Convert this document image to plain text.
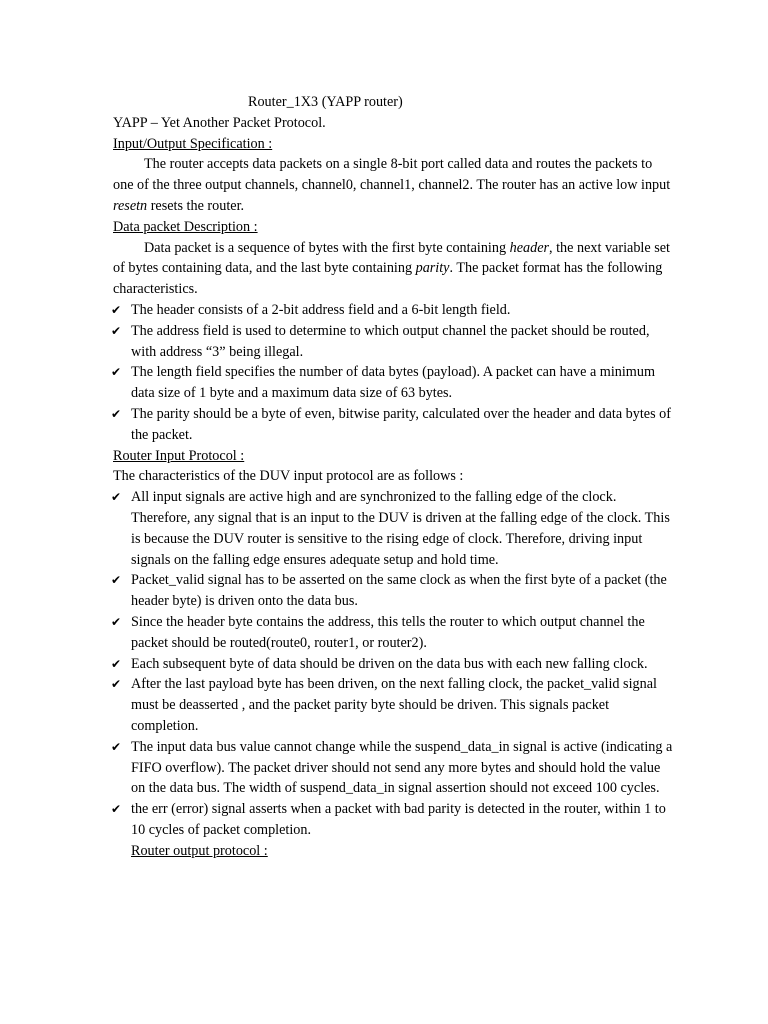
Router_1X3 (YAPP router)
YAPP – Yet Another Packet Protocol.
Input/Output Specification :

The router accepts data packets on a single 8-bit port called data and routes the packets to one of the three output channels, channel0, channel1, channel2. The router has an active low input resetn resets the router.

Data packet Description :

Data packet is a sequence of bytes with the first byte containing header, the next variable set of bytes containing data, and the last byte containing parity. The packet format has the following characteristics.

✔ The header consists of a 2-bit address field and a 6-bit length field.
✔ The address field is used to determine to which output channel the packet should be routed, with address “3” being illegal.
✔ The length field specifies the number of data bytes (payload). A packet can have a minimum data size of 1 byte and a maximum data size of 63 bytes.
✔ The parity should be a byte of even, bitwise parity, calculated over the header and data bytes of the packet.
Router Input Protocol :
The characteristics of the DUV input protocol are as follows :
✔ All input signals are active high and are synchronized to the falling edge of the clock. Therefore, any signal that is an input to the DUV is driven at the falling edge of the clock. This is because the DUV router is sensitive to the rising edge of clock. Therefore, driving input signals on the falling edge ensures adequate setup and hold time.
✔ Packet_valid signal has to be asserted on the same clock as when the first byte of a packet (the header byte) is driven onto the data bus.
✔ Since the header byte contains the address, this tells the router to which output channel the packet should be routed(route0, router1, or router2).
✔ Each subsequent byte of data should be driven on the data bus with each new falling clock.
✔ After the last payload byte has been driven, on the next falling clock, the packet_valid signal must be deasserted , and the packet parity byte should be driven. This signals packet completion.
✔ The input data bus value cannot change while the suspend_data_in signal is active (indicating a FIFO overflow). The packet driver should not send any more bytes and should hold the value on the data bus. The width of suspend_data_in signal assertion should not exceed 100 cycles.
✔ the err (error) signal asserts when a packet with bad parity is detected in the router, within 1 to 10 cycles of packet completion.
Router output protocol :
